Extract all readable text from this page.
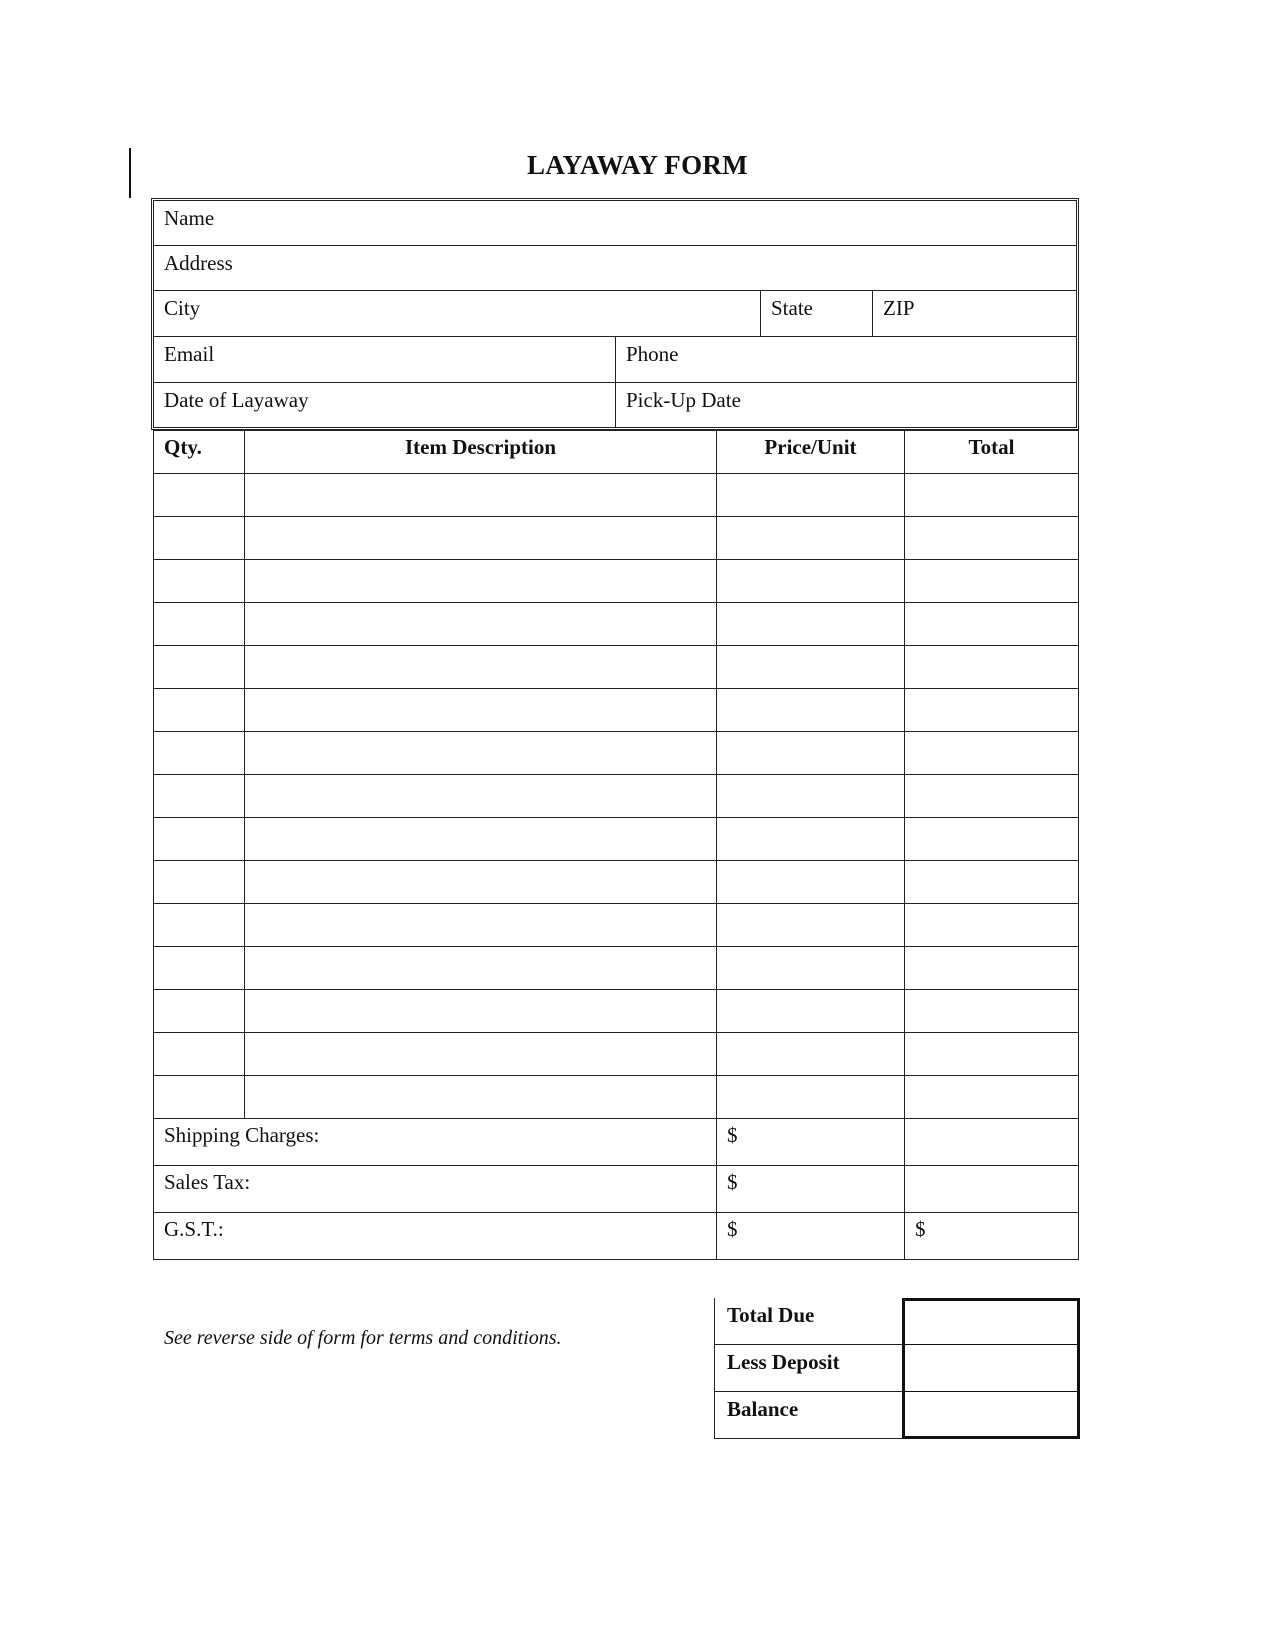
LAYAWAY FORM
Name
Address
City	State	ZIP
Email	Phone
Date of Layaway	Pick-Up Date
Qty.	Item Description	Price/Unit	Total

Shipping Charges:		$	
Sales Tax:		$	
G.S.T.:		$	$
Total Due
Less Deposit
Balance
See reverse side of form for terms and conditions.
